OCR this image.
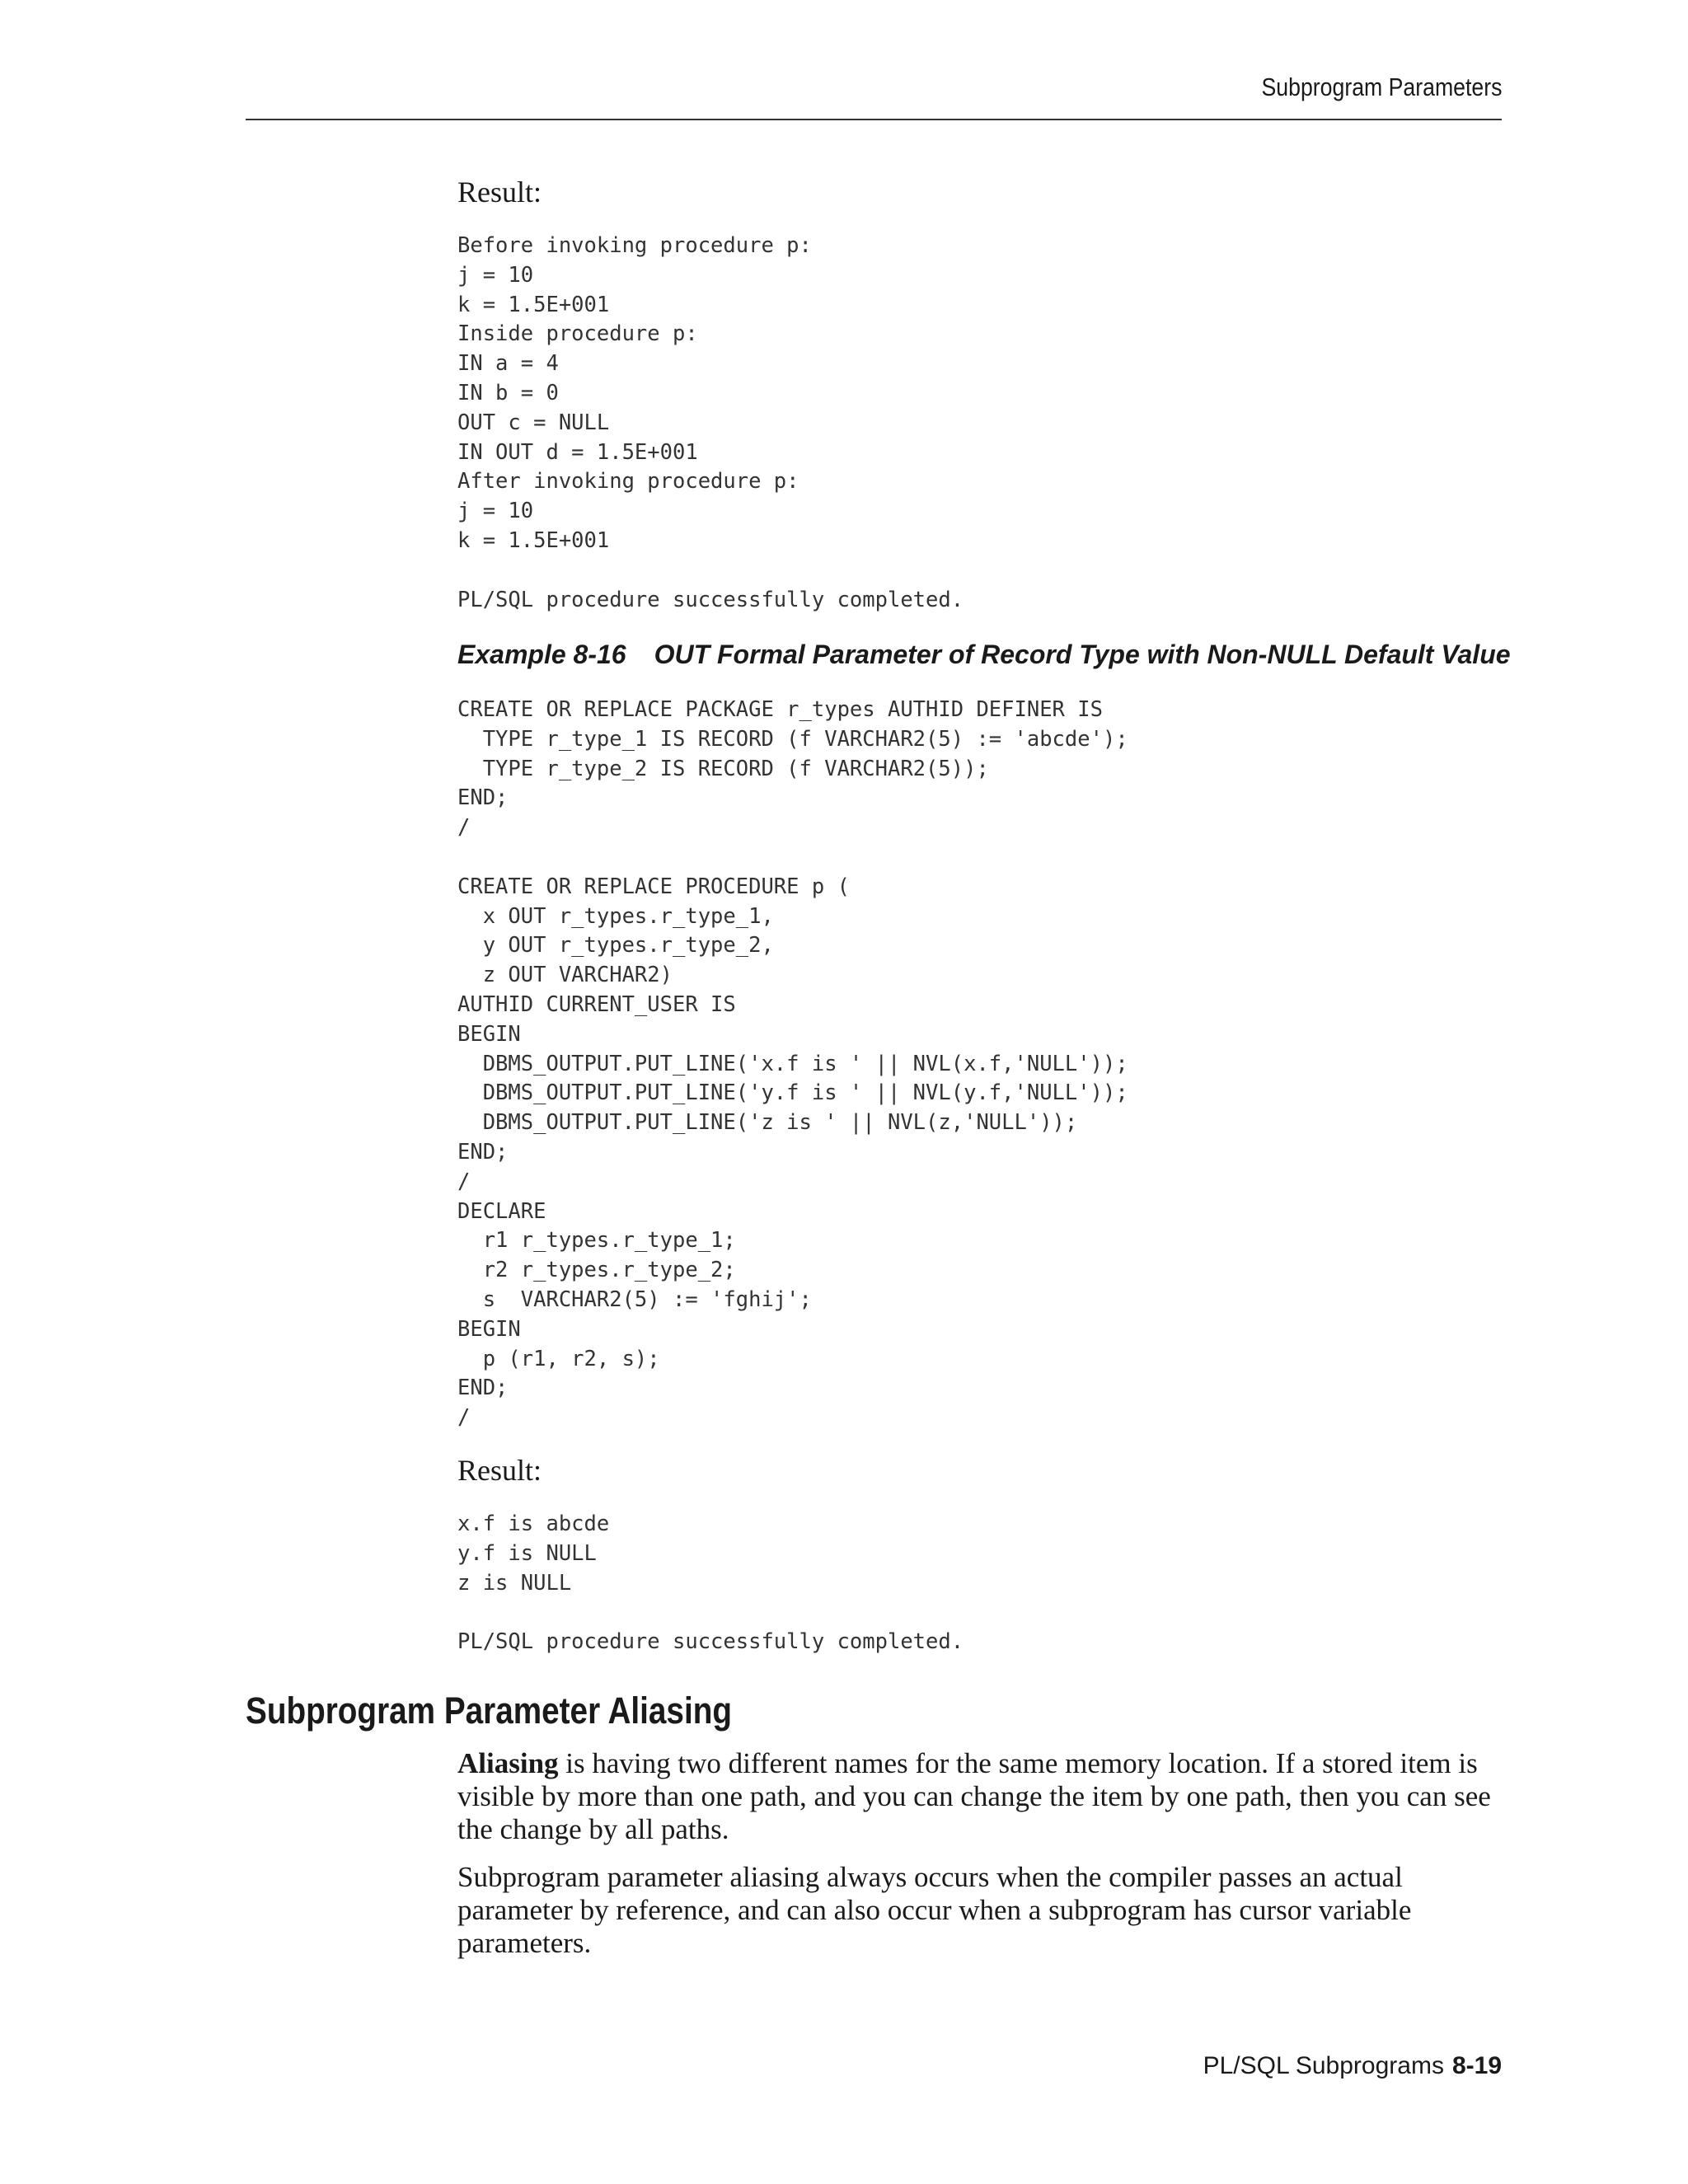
Subprogram Parameters
Result:
Before invoking procedure p:
j = 10
k = 1.5E+001
Inside procedure p:
IN a = 4
IN b = 0
OUT c = NULL
IN OUT d = 1.5E+001
After invoking procedure p:
j = 10
k = 1.5E+001

PL/SQL procedure successfully completed.
Example 8-16 OUT Formal Parameter of Record Type with Non-NULL Default Value
CREATE OR REPLACE PACKAGE r_types AUTHID DEFINER IS
TYPE r_type_1 IS RECORD (f VARCHAR2(5) := 'abcde');
TYPE r_type_2 IS RECORD (f VARCHAR2(5));
END;
/

CREATE OR REPLACE PROCEDURE p (
x OUT r_types.r_type_1,
y OUT r_types.r_type_2,
z OUT VARCHAR2)
AUTHID CURRENT_USER IS
BEGIN
DBMS_OUTPUT.PUT_LINE('x.f is ' || NVL(x.f,'NULL'));
DBMS_OUTPUT.PUT_LINE('y.f is ' || NVL(y.f,'NULL'));
DBMS_OUTPUT.PUT_LINE('z is ' || NVL(z,'NULL'));
END;
/
DECLARE
r1 r_types.r_type_1;
r2 r_types.r_type_2;
s  VARCHAR2(5) := 'fghij';
BEGIN
p (r1, r2, s);
END;
/
Result:
x.f is abcde
y.f is NULL
z is NULL

PL/SQL procedure successfully completed.

Aliasing is having two different names for the same memory location. If a stored item is visible by more than one path, and you can change the item by one path, then you can see the change by all paths.

Subprogram parameter aliasing always occurs when the compiler passes an actual parameter by reference, and can also occur when a subprogram has cursor variable parameters.

Subprogram Parameter Aliasing
PL/SQL Subprograms 8-19
